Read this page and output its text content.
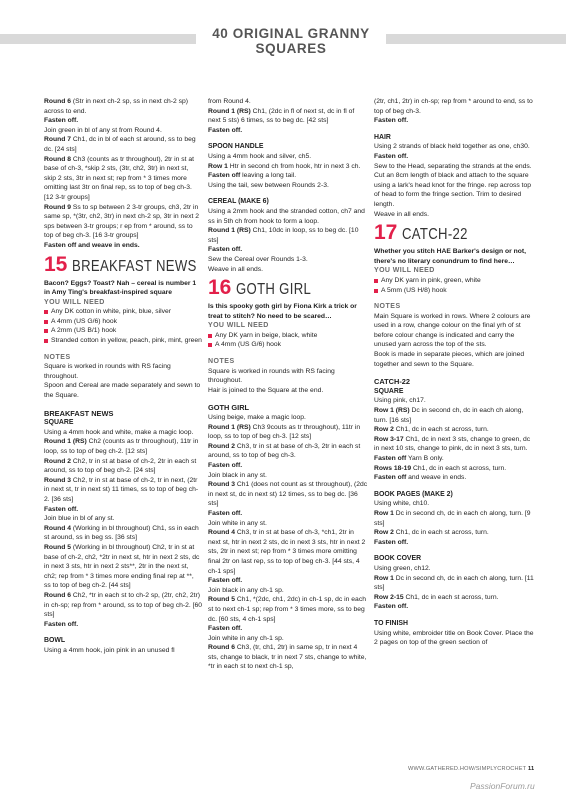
40 ORIGINAL GRANNY SQUARES

Round 6 (Str in next ch-2 sp, ss in next ch-2 sp) across to end.

Fasten off.

Join green in bl of any st from Round 4.

Round 7 Ch1, dc in bl of each st around, ss to beg dc. [24 sts]

Round 8 Ch3 (counts as tr throughout), 2tr in st at base of ch-3, *skip 2 sts, (3tr, ch2, 3tr) in next st, skip 2 sts, 3tr in next st; rep from * 3 times more omitting last 3tr on final rep, ss to top of beg ch-3. [12 3-tr groups]

Round 9 Ss to sp between 2 3-tr groups, ch3, 2tr in same sp, *(3tr, ch2, 3tr) in next ch-2 sp, 3tr in next 2 sps between 3-tr groups; r ep from * around, ss to top of beg ch-3. [16 3-tr groups]

Fasten off and weave in ends.

15 BREAKFAST NEWS

Bacon? Eggs? Toast? Nah – cereal is number 1 in Amy Ting's breakfast-inspired square

YOU WILL NEED

Any DK cotton in white, pink, blue, silver

A 4mm (US G/6) hook

A 2mm (US B/1) hook

Stranded cotton in yellow, peach, pink, mint, green

NOTES

Square is worked in rounds with RS facing throughout.

Spoon and Cereal are made separately and sewn to the Square.

BREAKFAST NEWS

SQUARE

Using a 4mm hook and white, make a magic loop.

Round 1 (RS) Ch2 (counts as tr throughout), 11tr in loop, ss to top of beg ch-2. [12 sts]

Round 2 Ch2, tr in st at base of ch-2, 2tr in each st around, ss to top of beg ch-2. [24 sts]

Round 3 Ch2, tr in st at base of ch-2, tr in next, (2tr in next st, tr in next st) 11 times, ss to top of beg ch-2. [36 sts]

Fasten off.

Join blue in bl of any st.

Round 4 (Working in bl throughout) Ch1, ss in each st around, ss in beg ss. [36 sts]

Round 5 (Working in bl throughout) Ch2, tr in st at base of ch-2, ch2, *2tr in next st, htr in next 2 sts, dc in next 3 sts, htr in next 2 sts**, 2tr in the next st, ch2; rep from * 3 times more ending final rep at **, ss to top of beg ch-2. [44 sts]

Round 6 Ch2, *tr in each st to ch-2 sp, (2tr, ch2, 2tr) in ch-sp; rep from * around, ss to top of beg ch-2. [60 sts]

Fasten off.

BOWL

Using a 4mm hook, join pink in an unused fl

from Round 4.

Round 1 (RS) Ch1, (2dc in fl of next st, dc in fl of next 5 sts) 6 times, ss to beg dc. [42 sts]

Fasten off.

SPOON HANDLE

Using a 4mm hook and silver, ch5.

Row 1 Htr in second ch from hook, htr in next 3 ch.

Fasten off leaving a long tail.

Using the tail, sew between Rounds 2-3.

CEREAL (MAKE 6)

Using a 2mm hook and the stranded cotton, ch7 and ss in 5th ch from hook to form a loop.

Round 1 (RS) Ch1, 10dc in loop, ss to beg dc. [10 sts]

Fasten off.

Sew the Cereal over Rounds 1-3.

Weave in all ends.

16 GOTH GIRL

Is this spooky goth girl by Fiona Kirk a trick or treat to stitch? No need to be scared…

YOU WILL NEED

Any DK yarn in beige, black, white

A 4mm (US G/6) hook

NOTES

Square is worked in rounds with RS facing throughout.

Hair is joined to the Square at the end.

GOTH GIRL

Using beige, make a magic loop.

Round 1 (RS) Ch3 9couts as tr throughout), 11tr in loop, ss to top of beg ch-3. [12 sts]

Round 2 Ch3, tr in st at base of ch-3, 2tr in each st around, ss to top of beg ch-3.

Fasten off.

Join black in any st.

Round 3 Ch1 (does not count as st throughout), (2dc in next st, dc in next st) 12 times, ss to beg dc. [36 sts]

Fasten off.

Join white in any st.

Round 4 Ch3, tr in st at base of ch-3, *ch1, 2tr in next st, htr in next 2 sts, dc in next 3 sts, htr in next 2 sts, 2tr in next st; rep from * 3 times more omitting final 2tr on last rep, ss to top of beg ch-3. [44 sts, 4 ch-1 sps]

Fasten off.

Join black in any ch-1 sp.

Round 5 Ch1, *(2dc, ch1, 2dc) in ch-1 sp, dc in each st to next ch-1 sp; rep from * 3 times more, ss to beg dc. [60 sts, 4 ch-1 sps]

Fasten off.

Join white in any ch-1 sp.

Round 6 Ch3, (tr, ch1, 2tr) in same sp, tr in next 4 sts, change to black, tr in next 7 sts, change to white, *tr in each st to next ch-1 sp,

(2tr, ch1, 2tr) in ch-sp; rep from * around to end, ss to top of beg ch-3.

Fasten off.

HAIR

Using 2 strands of black held together as one, ch30.

Fasten off.

Sew to the Head, separating the strands at the ends.

Cut an 8cm length of black and attach to the square using a lark's head knot for the fringe. rep across top of head to form the fringe section. Trim to desired length.

Weave in all ends.

17 CATCH-22

Whether you stitch HAE Barker's design or not, there's no literary conundrum to find here…

YOU WILL NEED

Any DK yarn in pink, green, white

A 5mm (US H/8) hook

NOTES

Main Square is worked in rows. Where 2 colours are used in a row, change colour on the final yrh of st before colour change is indicated and carry the unused yarn across the top of the sts.

Book is made in separate pieces, which are joined together and sewn to the Square.

CATCH-22

SQUARE

Using pink, ch17.

Row 1 (RS) Dc in second ch, dc in each ch along, turn. [16 sts]

Row 2 Ch1, dc in each st across, turn.

Row 3-17 Ch1, dc in next 3 sts, change to green, dc in next 10 sts, change to pink, dc in next 3 sts, turn.

Fasten off Yarn B only.

Rows 18-19 Ch1, dc in each st across, turn.

Fasten off and weave in ends.

BOOK PAGES (MAKE 2)

Using white, ch10.

Row 1 Dc in second ch, dc in each ch along, turn. [9 sts]

Row 2 Ch1, dc in each st across, turn.

Fasten off.

BOOK COVER

Using green, ch12.

Row 1 Dc in second ch, dc in each ch along, turn. [11 sts]

Row 2-15 Ch1, dc in each st across, turn.

Fasten off.

TO FINISH

Using white, embroider title on Book Cover. Place the 2 pages on top of the green section of

WWW.GATHERED.HOW/SIMPLYCROCHET 11
PassionForum.ru
